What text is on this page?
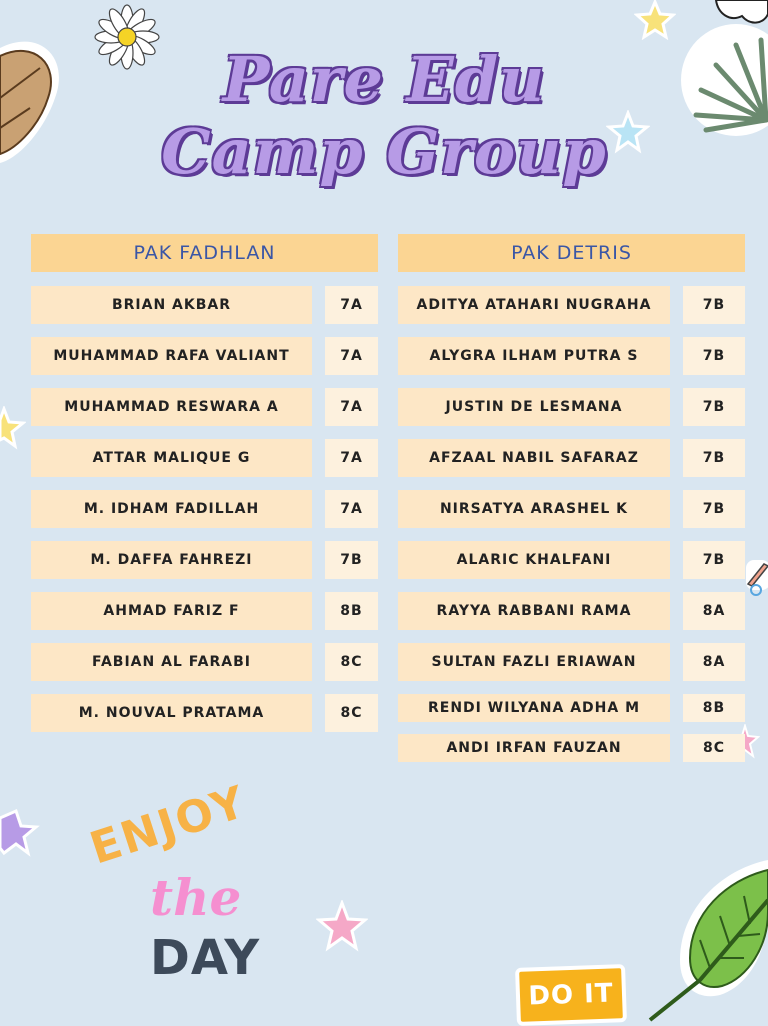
Pare Edu
Camp Group
PAK FADHLAN
BRIAN AKBAR	7A
MUHAMMAD RAFA VALIANT	7A
MUHAMMAD RESWARA A	7A
ATTAR MALIQUE G	7A
M. IDHAM FADILLAH	7A
M. DAFFA FAHREZI	7B
AHMAD FARIZ F	8B
FABIAN AL FARABI	8C
M. NOUVAL PRATAMA	8C
PAK DETRIS
ADITYA ATAHARI NUGRAHA	7B
ALYGRA ILHAM PUTRA S	7B
JUSTIN DE LESMANA	7B
AFZAAL NABIL SAFARAZ	7B
NIRSATYA ARASHEL K	7B
ALARIC KHALFANI	7B
RAYYA RABBANI RAMA	8A
SULTAN FAZLI ERIAWAN	8A
RENDI WILYANA ADHA M	8B
ANDI IRFAN FAUZAN	8C
ENJOY
the
DAY
DO IT
